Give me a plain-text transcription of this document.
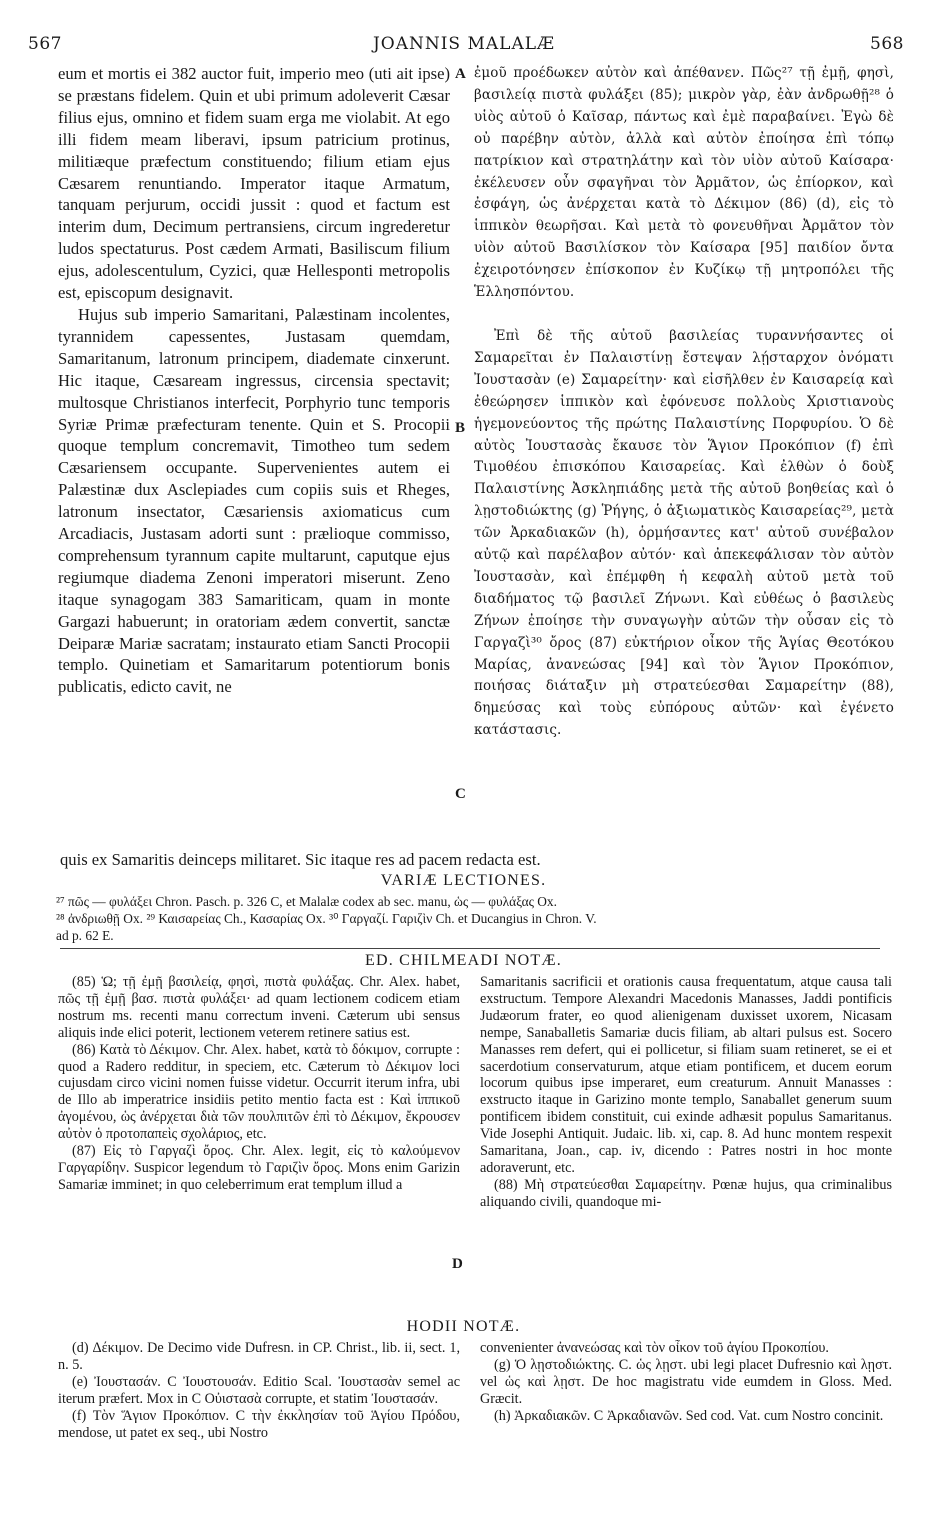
567	JOANNIS MALALÆ	568

eum et mortis ei 382 auctor fuit, imperio meo (uti ait ipse) se præstans fidelem. Quin et ubi primum adoleverit Cæsar filius ejus, omnino et fidem suam erga me violabit. At ego illi fidem meam liberavi, ipsum patricium protinus, militiæque præfectum constituendo; filium etiam ejus Cæsarem renuntiando. Imperator itaque Armatum, tanquam perjurum, occidi jussit : quod et factum est interim dum, Decimum pertransiens, circum ingrederetur ludos spectaturus. Post cædem Armati, Basiliscum filium ejus, adolescentulum, Cyzici, quæ Hellesponti metropolis est, episcopum designavit.

Hujus sub imperio Samaritani, Palæstinam incolentes, tyrannidem capessentes, Justasam quemdam, Samaritanum, latronum principem, diademate cinxerunt. Hic itaque, Cæsaream ingressus, circensia spectavit; multosque Christianos interfecit, Porphyrio tunc temporis Syriæ Primæ præfecturam tenente. Quin et S. Procopii quoque templum concremavit, Timotheo tum sedem Cæsariensem occupante. Supervenientes autem ei Palæstinæ dux Asclepiades cum copiis suis et Rheges, latronum insectator, Cæsariensis axiomaticus cum Arcadiacis, Justasam adorti sunt : prælioque commisso, comprehensum tyrannum capite multarunt, caputque ejus regiumque diadema Zenoni imperatori miserunt. Zeno itaque synagogam 383 Samariticam, quam in monte Gargazi habuerunt; in oratoriam ædem convertit, sanctæ Deiparæ Mariæ sacratam; instaurato etiam Sancti Procopii templo. Quinetiam et Samaritarum potentiorum bonis publicatis, edicto cavit, ne

ἐμοῦ προέδωκεν αὐτὸν καὶ ἀπέθανεν. Πῶς²⁷ τῇ ἐμῇ, φησὶ, βασιλείᾳ πιστὰ φυλάξει (85); μικρὸν γὰρ, ἐὰν ἀνδρωθῇ²⁸ ὁ υἱὸς αὐτοῦ ὁ Καῖσαρ, πάντως καὶ ἐμὲ παραβαίνει. Ἐγὼ δὲ οὐ παρέβην αὐτὸν, ἀλλὰ καὶ αὐτὸν ἐποίησα ἐπὶ τόπῳ πατρίκιον καὶ στρατηλάτην καὶ τὸν υἱὸν αὐτοῦ Καίσαρα· ἐκέλευσεν οὖν σφαγῆναι τὸν Ἀρμᾶτον, ὡς ἐπίορκον, καὶ ἐσφάγη, ὡς ἀνέρχεται κατὰ τὸ Δέκιμον (86) (d), εἰς τὸ ἱππικὸν θεωρῆσαι. Καὶ μετὰ τὸ φονευθῆναι Ἀρμᾶτον τὸν υἱὸν αὐτοῦ Βασιλίσκον τὸν Καίσαρα [95] παιδίον ὄντα ἐχειροτόνησεν ἐπίσκοπον ἐν Κυζίκῳ τῇ μητροπόλει τῆς Ἑλλησπόντου.

Ἐπὶ δὲ τῆς αὐτοῦ βασιλείας τυραννήσαντες οἱ Σαμαρεῖται ἐν Παλαιστίνῃ ἔστεψαν λῄσταρχον ὀνόματι Ἰουστασὰν (e) Σαμαρείτην· καὶ εἰσῆλθεν ἐν Καισαρείᾳ καὶ ἐθεώρησεν ἱππικὸν καὶ ἐφόνευσε πολλοὺς Χριστιανοὺς ἡγεμονεύοντος τῆς πρώτης Παλαιστίνης Πορφυρίου. Ὁ δὲ αὐτὸς Ἰουστασὰς ἔκαυσε τὸν Ἅγιον Προκόπιον (f) ἐπὶ Τιμοθέου ἐπισκόπου Καισαρείας. Καὶ ἐλθὼν ὁ δοὺξ Παλαιστίνης Ἀσκληπιάδης μετὰ τῆς αὐτοῦ βοηθείας καὶ ὁ λῃστοδιώκτης (g) Ῥήγης, ὁ ἀξιωματικὸς Καισαρείας²⁹, μετὰ τῶν Ἀρκαδιακῶν (h), ὁρμήσαντες κατ' αὐτοῦ συνέβαλον αὐτῷ καὶ παρέλαβον αὐτόν· καὶ ἀπεκεφάλισαν τὸν αὐτὸν Ἰουστασὰν, καὶ ἐπέμφθη ἡ κεφαλὴ αὐτοῦ μετὰ τοῦ διαδήματος τῷ βασιλεῖ Ζήνωνι. Καὶ εὐθέως ὁ βασιλεὺς Ζήνων ἐποίησε τὴν συναγωγὴν αὐτῶν τὴν οὖσαν εἰς τὸ Γαργαζὶ³⁰ ὄρος (87) εὐκτήριον οἶκον τῆς Ἁγίας Θεοτόκου Μαρίας, ἀνανεώσας [94] καὶ τὸν Ἅγιον Προκόπιον, ποιήσας διάταξιν μὴ στρατεύεσθαι Σαμαρείτην (88), δημεύσας καὶ τοὺς εὐπόρους αὐτῶν· καὶ ἐγένετο κατάστασις.

A
B
C
D
quis ex Samaritis deinceps militaret. Sic itaque res ad pacem redacta est.
VARIÆ LECTIONES.
²⁷ πῶς — φυλάξει Chron. Pasch. p. 326 C, et Malalæ codex ab sec. manu, ὡς — φυλάξας Ox.
²⁸ ἀνδριωθῇ Ox. ²⁹ Καισαρείας Ch., Κασαρίας Ox. ³⁰ Γαργαζί. Γαριζὶν Ch. et Ducangius in Chron. V.
ad p. 62 E.
ED. CHILMEADI NOTÆ.

(85) Ὡ; τῇ ἐμῇ βασιλείᾳ, φησὶ, πιστὰ φυλάξας. Chr. Alex. habet, πῶς τῇ ἐμῇ βασ. πιστὰ φυλάξει· ad quam lectionem codicem etiam nostrum ms. recenti manu correctum inveni. Cæterum ubi sensus aliquis inde elici poterit, lectionem veterem retinere satius est.

(86) Κατὰ τὸ Δέκιμον. Chr. Alex. habet, κατὰ τὸ δόκιμον, corrupte : quod a Radero redditur, in speciem, etc. Cæterum τὸ Δέκιμον loci cujusdam circo vicini nomen fuisse videtur. Occurrit iterum infra, ubi de Illo ab imperatrice insidiis petito mentio facta est : Καὶ ἱππικοῦ ἀγομένου, ὡς ἀνέρχεται διὰ τῶν πουλπιτῶν ἐπὶ τὸ Δέκιμον, ἔκρουσεν αὐτὸν ὁ προτοπαπεὶς σχολάριος, etc.

(87) Εἰς τὸ Γαργαζὶ ὄρος. Chr. Alex. legit, εἰς τὸ καλούμενον Γαργαρίδην. Suspicor legendum τὸ Γαριζὶν ὄρος. Mons enim Garizin Samariæ imminet; in quo celeberrimum erat templum illud a

Samaritanis sacrificii et orationis causa frequentatum, atque causa tali exstructum. Tempore Alexandri Macedonis Manasses, Jaddi pontificis Judæorum frater, eo quod alienigenam duxisset uxorem, Nicasam nempe, Sanaballetis Samariæ ducis filiam, ab altari pulsus est. Socero Manasses rem defert, qui ei pollicetur, si filiam suam retineret, se ei et sacerdotium conservaturum, atque etiam pontificem, et ducem eorum locorum quibus ipse imperaret, eum creaturum. Annuit Manasses : exstructo itaque in Garizino monte templo, Sanaballet generum suum pontificem ibidem constituit, cui exinde adhæsit populus Samaritanus. Vide Josephi Antiquit. Judaic. lib. xi, cap. 8. Ad hunc montem respexit Samaritana, Joan., cap. iv, dicendo : Patres nostri in hoc monte adoraverunt, etc.

(88) Μὴ στρατεύεσθαι Σαμαρείτην. Pœnæ hujus, qua criminalibus aliquando civili, quandoque mi-

HODII NOTÆ.

(d) Δέκιμον. De Decimo vide Dufresn. in CP. Christ., lib. ii, sect. 1, n. 5.

(e) Ἰουστασάν. C Ἰουστουσάν. Editio Scal. Ἰουστασὰν semel ac iterum præfert. Mox in C Οὐιστασὰ corrupte, et statim Ἰουστασάν.

(f) Τὸν Ἅγιον Προκόπιον. C τὴν ἐκκλησίαν τοῦ Ἁγίου Πρόδου, mendose, ut patet ex seq., ubi Nostro

convenienter ἀνανεώσας καὶ τὸν οἶκον τοῦ ἁγίου Προκοπίου.

(g) Ὁ λῃστοδιώκτης. C. ὡς λῃστ. ubi legi placet Dufresnio καὶ λῃστ. vel ὡς καὶ λῃστ. De hoc magistratu vide eumdem in Gloss. Med. Græcit.

(h) Ἀρκαδιακῶν. C Ἀρκαδιανῶν. Sed cod. Vat. cum Nostro concinit.
